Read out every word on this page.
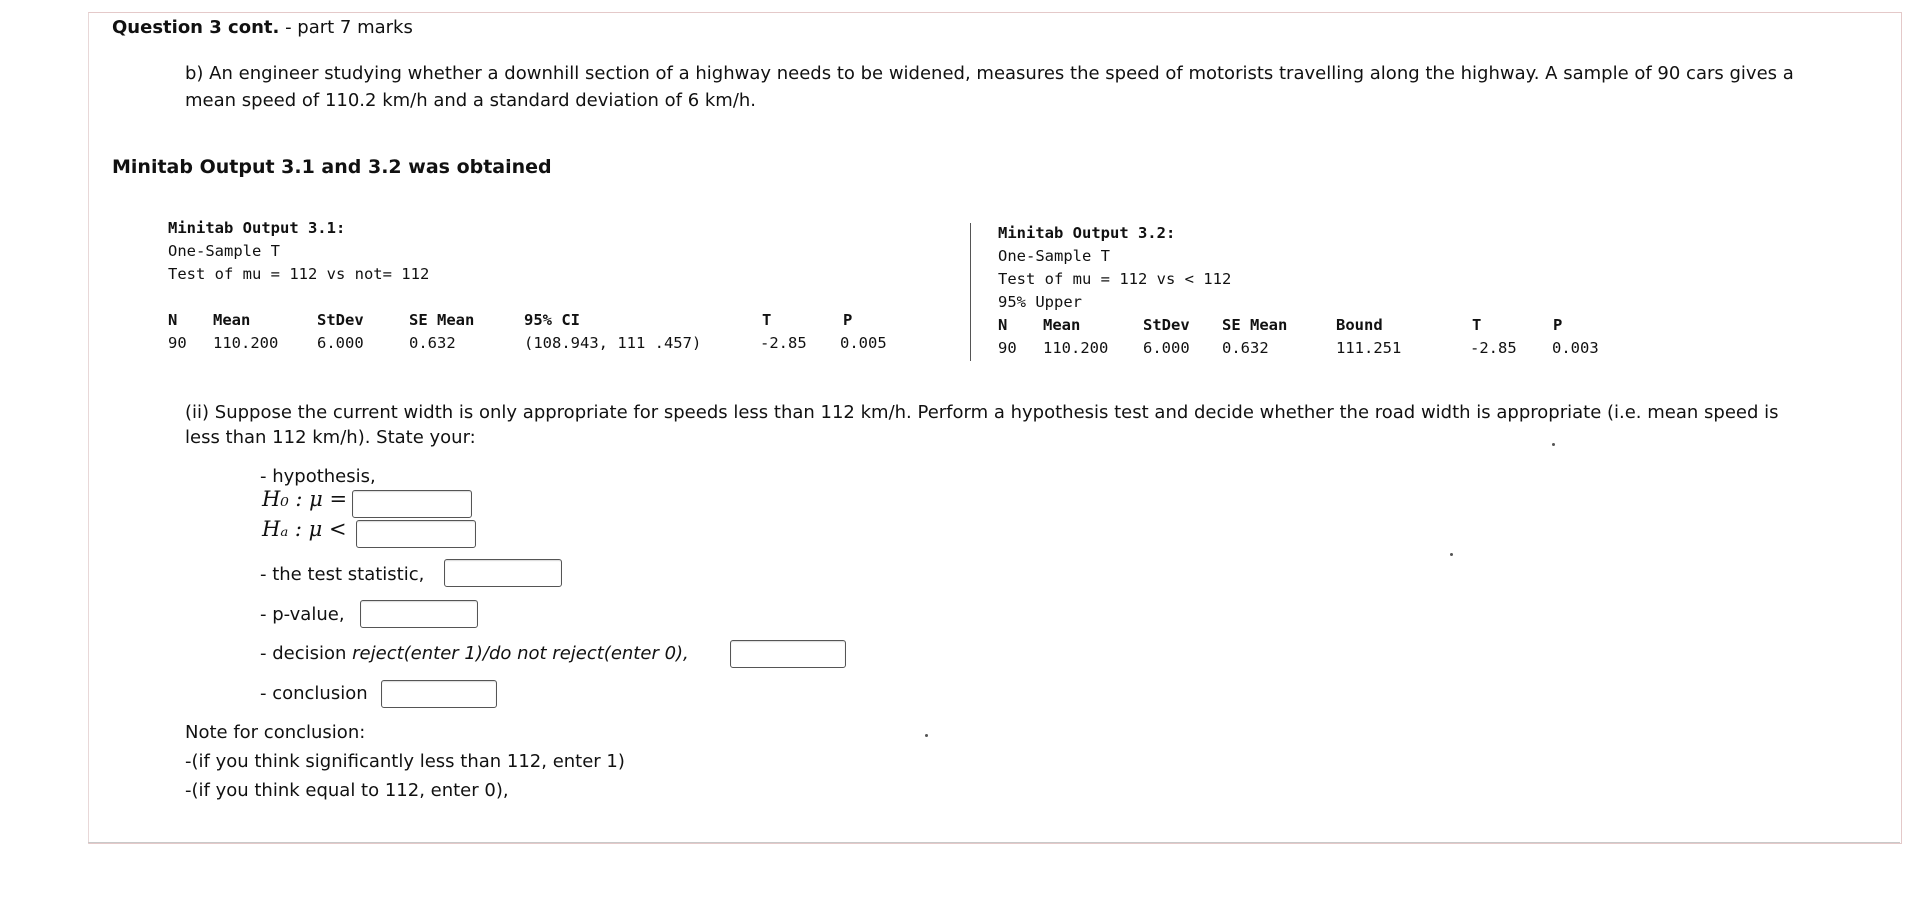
Question 3 cont. - part 7 marks
b) An engineer studying whether a downhill section of a highway needs to be widened, measures the speed of motorists travelling along the highway. A sample of 90 cars gives a
mean speed of 110.2 km/h and a standard deviation of 6 km/h.
Minitab Output 3.1 and 3.2 was obtained
Minitab Output 3.1:
One-Sample T
Test of mu = 112 vs not= 112
N Mean	StDev	SE Mean	95% CI	T	P
90 110.200 6.000	0.632	(108.943, 111 .457)	-2.85 0.005
Minitab Output 3.2:
One-Sample T
Test of mu = 112 vs < 112
95% Upper
N Mean	StDev SE Mean	Bound	T	P
90 110.200 6.000 0.632	111.251	-2.85 0.003
(ii) Suppose the current width is only appropriate for speeds less than 112 km/h. Perform a hypothesis test and decide whether the road width is appropriate (i.e. mean speed is
less than 112 km/h). State your:
- hypothesis,
H₀ : μ =
Hₐ : μ <
- the test statistic,
- p-value,
- decision reject(enter 1)/do not reject(enter 0),
- conclusion
Note for conclusion:
-(if you think significantly less than 112, enter 1)
-(if you think equal to 112, enter 0),
